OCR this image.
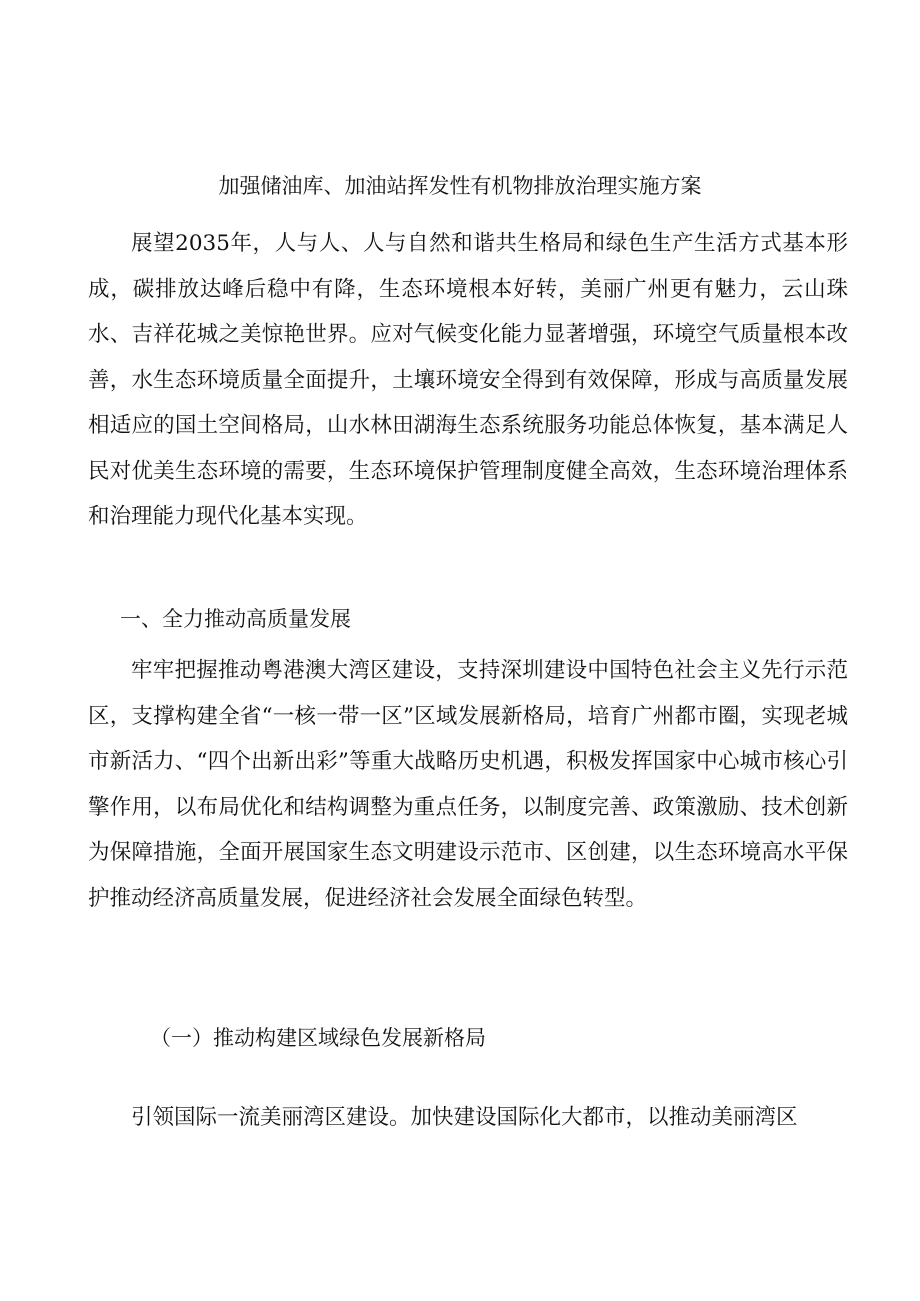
加强储油库、加油站挥发性有机物排放治理实施方案

展望2035年，人与人、人与自然和谐共生格局和绿色生产生活方式基本形成，碳排放达峰后稳中有降，生态环境根本好转，美丽广州更有魅力，云山珠水、吉祥花城之美惊艳世界。应对气候变化能力显著增强，环境空气质量根本改善，水生态环境质量全面提升，土壤环境安全得到有效保障，形成与高质量发展相适应的国土空间格局，山水林田湖海生态系统服务功能总体恢复，基本满足人民对优美生态环境的需要，生态环境保护管理制度健全高效，生态环境治理体系和治理能力现代化基本实现。

一、全力推动高质量发展

牢牢把握推动粤港澳大湾区建设，支持深圳建设中国特色社会主义先行示范区，支撑构建全省“一核一带一区”区域发展新格局，培育广州都市圈，实现老城市新活力、“四个出新出彩”等重大战略历史机遇，积极发挥国家中心城市核心引擎作用，以布局优化和结构调整为重点任务，以制度完善、政策激励、技术创新为保障措施，全面开展国家生态文明建设示范市、区创建，以生态环境高水平保护推动经济高质量发展，促进经济社会发展全面绿色转型。

（一）推动构建区域绿色发展新格局

引领国际一流美丽湾区建设。加快建设国际化大都市，以推动美丽湾区
